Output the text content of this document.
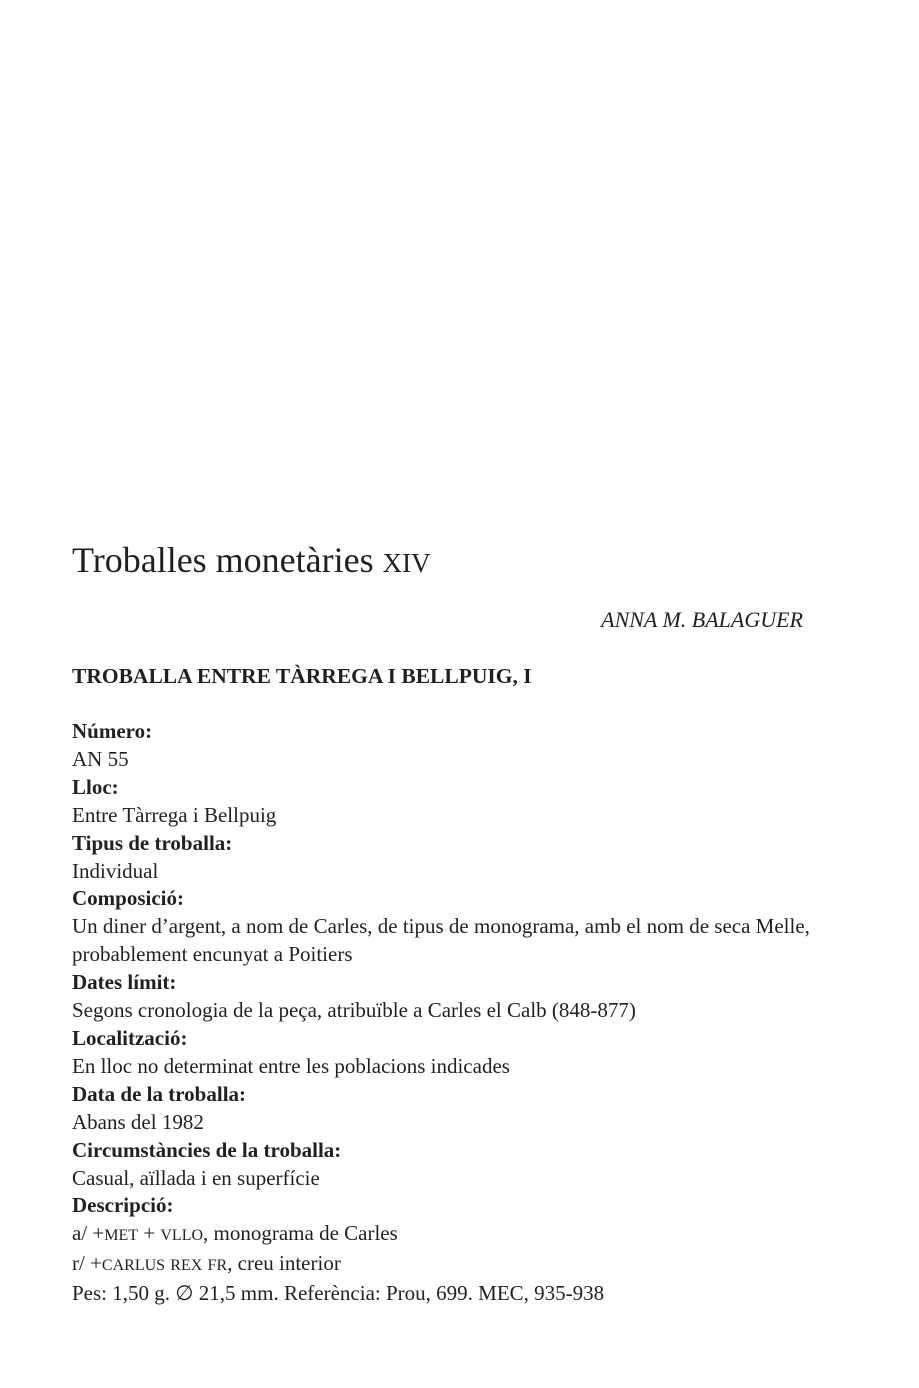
Troballes monetàries XIV
ANNA M. BALAGUER
TROBALLA ENTRE TÀRREGA I BELLPUIG, I
Número:
AN 55
Lloc:
Entre Tàrrega i Bellpuig
Tipus de troballa:
Individual
Composició:
Un diner d’argent, a nom de Carles, de tipus de monograma, amb el nom de seca Melle, probablement encunyat a Poitiers
Dates límit:
Segons cronologia de la peça, atribuïble a Carles el Calb (848-877)
Localització:
En lloc no determinat entre les poblacions indicades
Data de la troballa:
Abans del 1982
Circumstàncies de la troballa:
Casual, aïllada i en superfície
Descripció:
a/ +MET + VLLO, monograma de Carles
r/ +CARLUS REX FR, creu interior
Pes: 1,50 g. ∅ 21,5 mm. Referència: Prou, 699. MEC, 935-938
